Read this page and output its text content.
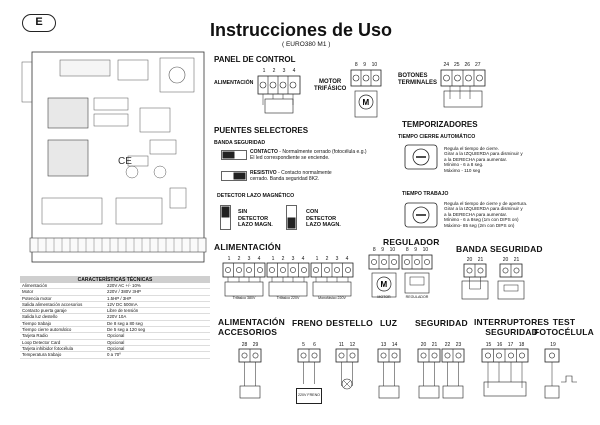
E	Instrucciones de Uso
( EURO380 M1 )
CE
CARACTERÍSTICAS TÉCNICAS	
Alimentación	220V AC +/- 10%
Motor	220V / 380V 3HP
Potencia motor	1.5HP / 3HP
Salida alimentación accesorios	12V DC 500mA
Contacto puerta garaje	Libre de tensión
Salida luz destello	220V 10A
Tiempo trabajo	De 8 seg a 80 seg
Tiempo cierre automático	De 5 seg a 120 seg
Tarjeta Radio	Opcional
Loop Detector Card	Opcional
Tarjeta inhibidor fotocélula	Opcional
Temperatura trabajo	0 a 70º
PANEL DE CONTROL
ALIMENTACIÓN
1 2 3 4
MOTOR
TRIFÁSICO
8 9 10
M
BOTONES
TERMINALES
24 25 26 27
PUENTES SELECTORES
BANDA SEGURIDAD
CONTACTO - Normalmente cerrado (fotocélula e.g.)
El led correspondiente se enciende.
RESISTIVO - Contacto normalmente
cerrado. Banda seguridad 8K2.
DETECTOR LAZO MAGNÉTICO
SIN
DETECTOR
LAZO MAGN.
CON
DETECTOR
LAZO MAGN.
TEMPORIZADORES
TIEMPO CIERRE AUTOMÁTICO
Regula el tiempo de cierre.
Girar a la IZQUIERDA para disminuir y
a la DERECHA para aumentar.
Mínimo - 6 a 8 seg.
Máximo - 110 seg
TIEMPO TRABAJO
Regula el tiempo de cierre y de apertura.
Girar a la IZQUIERDA para disminuir y
a la DERECHA para aumentar.
Mínimo - 6 a 8seg (1m con DIPS on)
Máximo- 85 seg (2m con DIPS on)
ALIMENTACIÓN	REGULADOR
BANDA SEGURIDAD
1 2 3 4
Trifásico 380V
1 2 3 4
Trifásico 220V
1 2 3 4
Monofásico 220V
8 9 10
M
MOTOR
8 9 10
REGULADOR
20 21	20 21
ALIMENTACIÓN
ACCESORIOS
FRENO DESTELLO LUZ SEGURIDAD INTERRUPTORES
SEGURIDAD
TEST
FOTOCÉLULA
28 29	5 6
220V FRENO
11 12	13 14	20 21 22 23	15 16 17 18	19
